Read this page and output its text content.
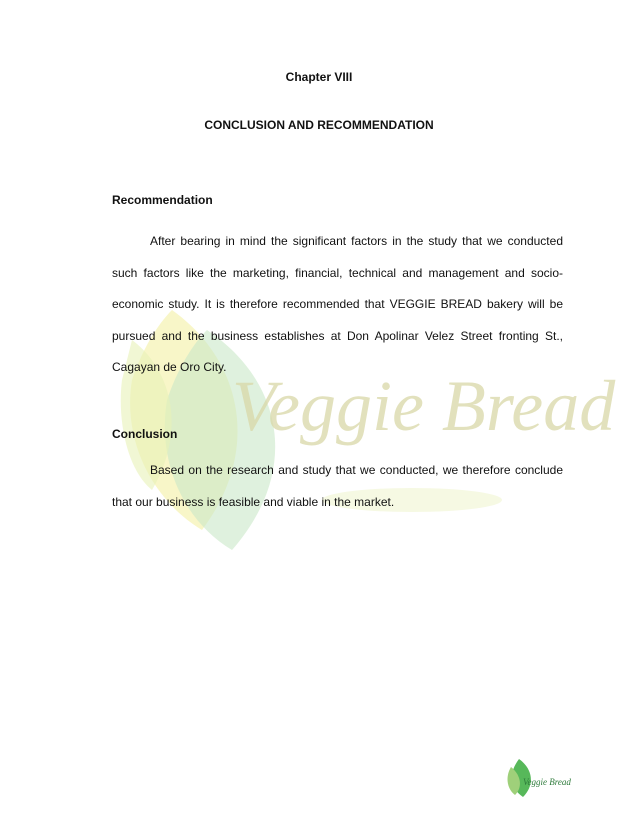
Veggie Bread
Chapter VIII
CONCLUSION AND RECOMMENDATION
Recommendation

After bearing in mind the significant factors in the study that we conducted such factors like the marketing, financial, technical and management and socio-economic study. It is therefore recommended that VEGGIE BREAD bakery will be pursued and the business establishes at Don Apolinar Velez Street fronting St., Cagayan de Oro City.

Conclusion

Based on the research and study that we conducted, we therefore conclude that our business is feasible and viable in the market.

Veggie Bread
